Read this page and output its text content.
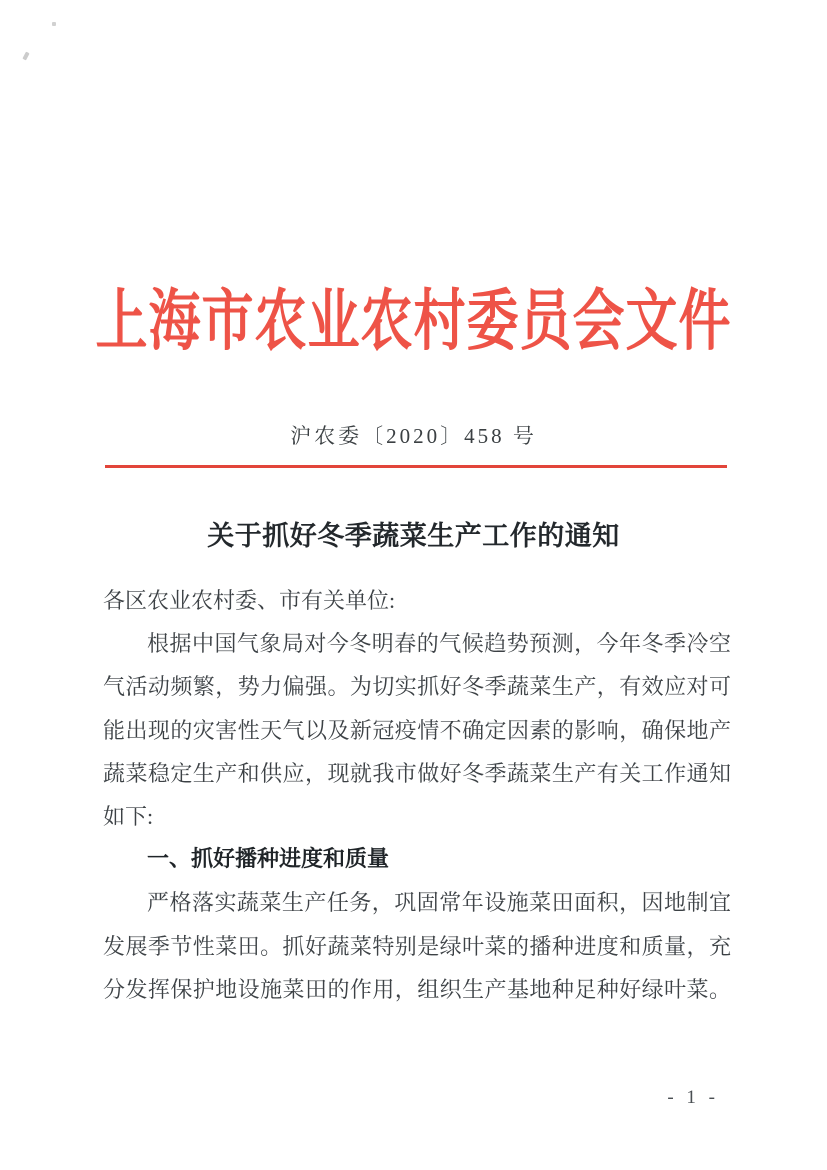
上海市农业农村委员会文件
沪农委〔2020〕458 号
关于抓好冬季蔬菜生产工作的通知
各区农业农村委、市有关单位:
根据中国气象局对今冬明春的气候趋势预测，今年冬季冷空
气活动频繁，势力偏强。为切实抓好冬季蔬菜生产，有效应对可
能出现的灾害性天气以及新冠疫情不确定因素的影响，确保地产
蔬菜稳定生产和供应，现就我市做好冬季蔬菜生产有关工作通知
如下:
一、抓好播种进度和质量
严格落实蔬菜生产任务，巩固常年设施菜田面积，因地制宜
发展季节性菜田。抓好蔬菜特别是绿叶菜的播种进度和质量，充
分发挥保护地设施菜田的作用，组织生产基地种足种好绿叶菜。
- 1 -
